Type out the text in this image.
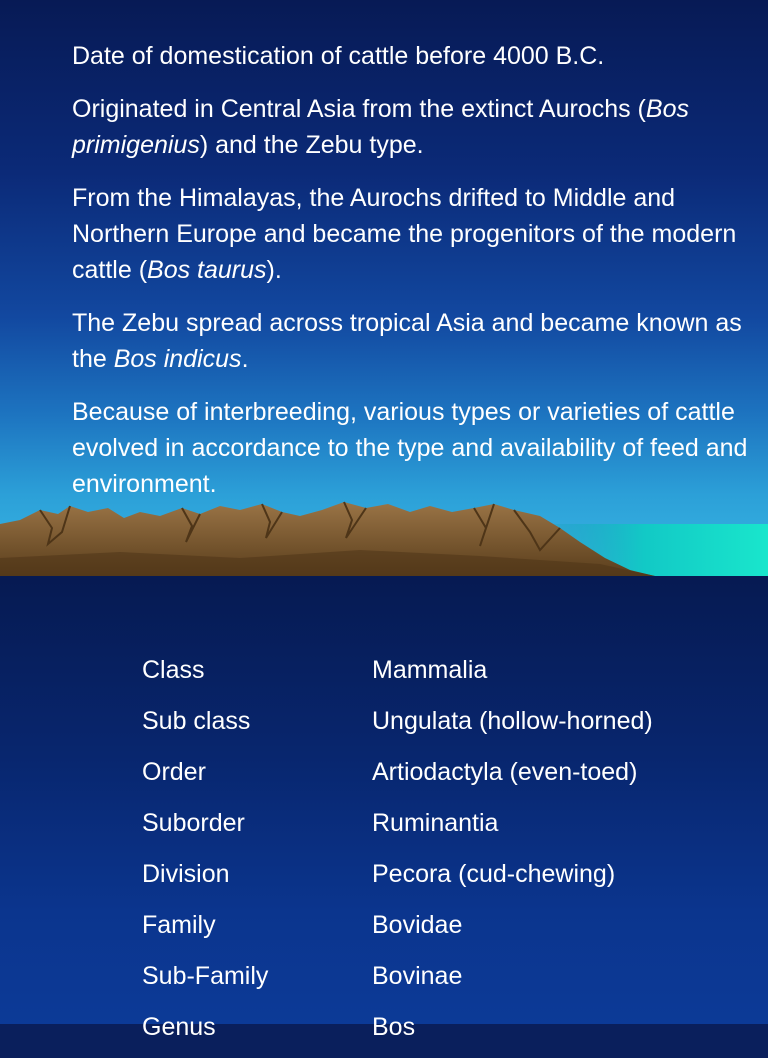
Date of domestication of cattle before 4000 B.C.

Originated in Central Asia from the extinct Aurochs (Bos primigenius) and the Zebu type.

From the Himalayas, the Aurochs drifted to Middle and Northern Europe and became the progenitors of the modern cattle (Bos taurus).

The Zebu spread across tropical Asia and became known as the Bos indicus.

Because of interbreeding, various types or varieties of cattle evolved in accordance to the type and availability of feed and environment.

Class	Mammalia
Sub class	Ungulata (hollow-horned)
Order	Artiodactyla (even-toed)
Suborder	Ruminantia
Division	Pecora (cud-chewing)
Family	Bovidae
Sub-Family	Bovinae
Genus	Bos
